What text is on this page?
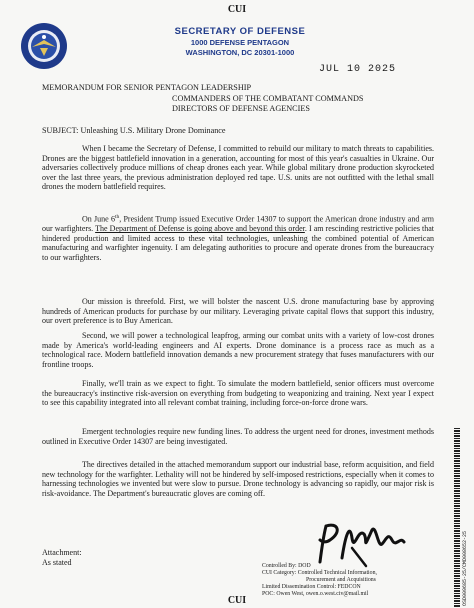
CUI
SECRETARY OF DEFENSE
1000 DEFENSE PENTAGON
WASHINGTON, DC 20301-1000
JUL 10 2025
MEMORANDUM FOR SENIOR PENTAGON LEADERSHIP
COMMANDERS OF THE COMBATANT COMMANDS
DIRECTORS OF DEFENSE AGENCIES
SUBJECT: Unleashing U.S. Military Drone Dominance

When I became the Secretary of Defense, I committed to rebuild our military to match threats to capabilities. Drones are the biggest battlefield innovation in a generation, accounting for most of this year's casualties in Ukraine. Our adversaries collectively produce millions of cheap drones each year. While global military drone production skyrocketed over the last three years, the previous administration deployed red tape. U.S. units are not outfitted with the lethal small drones the modern battlefield requires.

On June 6th, President Trump issued Executive Order 14307 to support the American drone industry and arm our warfighters. The Department of Defense is going above and beyond this order. I am rescinding restrictive policies that hindered production and limited access to these vital technologies, unleashing the combined potential of American manufacturing and warfighter ingenuity. I am delegating authorities to procure and operate drones from the bureaucracy to our warfighters.

Our mission is threefold. First, we will bolster the nascent U.S. drone manufacturing base by approving hundreds of American products for purchase by our military. Leveraging private capital flows that support this industry, our overt preference is to Buy American.

Second, we will power a technological leapfrog, arming our combat units with a variety of low-cost drones made by America's world-leading engineers and AI experts. Drone dominance is a process race as much as a technological race. Modern battlefield innovation demands a new procurement strategy that fuses manufacturers with our frontline troops.

Finally, we'll train as we expect to fight. To simulate the modern battlefield, senior officers must overcome the bureaucracy's instinctive risk-aversion on everything from budgeting to weaponizing and training. Next year I expect to see this capability integrated into all relevant combat training, including force-on-force drone wars.

Emergent technologies require new funding lines. To address the urgent need for drones, investment methods outlined in Executive Order 14307 are being investigated.

The directives detailed in the attached memorandum support our industrial base, reform acquisition, and field new technology for the warfighter. Lethality will not be hindered by self-imposed restrictions, especially when it comes to harnessing technologies we invented but were slow to pursue. Drone technology is advancing so rapidly, our major risk is risk-avoidance. The Department's bureaucratic gloves are coming off.

Attachment:
As stated	Controlled By: DOD
CUI Category: Controlled Technical Information,
Procurement and Acquisitions
Limited Dissemination Control: FEDCON
POC: Owen West, owen.o.west.civ@mail.mil	OSD009685-25/CMD008652-25
CUI
